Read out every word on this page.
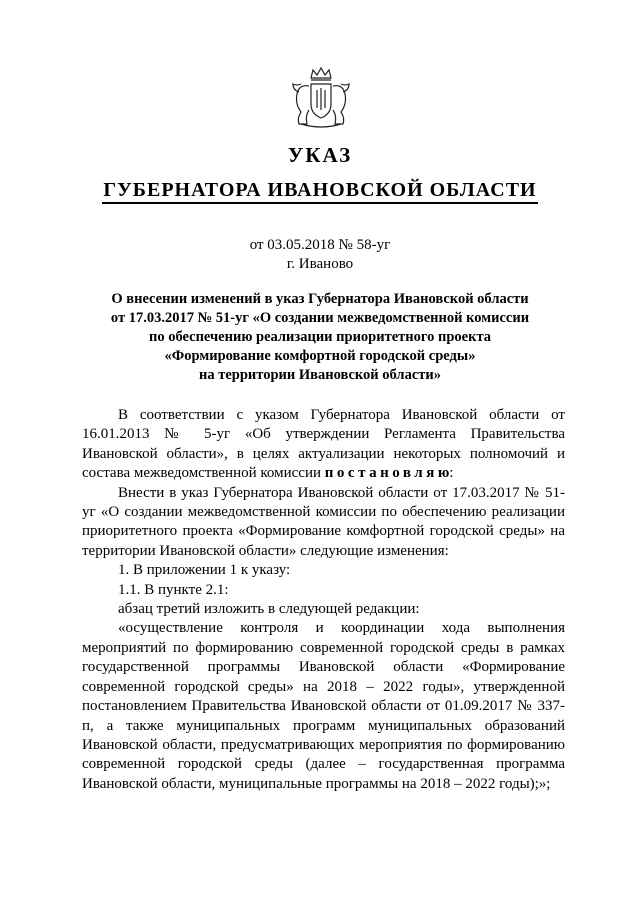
УКАЗ
ГУБЕРНАТОРА ИВАНОВСКОЙ ОБЛАСТИ
от 03.05.2018 № 58-уг
г. Иваново
О внесении изменений в указ Губернатора Ивановской области
от 17.03.2017 № 51-уг «О создании межведомственной комиссии
по обеспечению реализации приоритетного проекта
«Формирование комфортной городской среды»
на территории Ивановской области»

В соответствии с указом Губернатора Ивановской области от 16.01.2013 № 5-уг «Об утверждении Регламента Правительства Ивановской области», в целях актуализации некоторых полномочий и состава межведомственной комиссии постановляю:

Внести в указ Губернатора Ивановской области от 17.03.2017 № 51-уг «О создании межведомственной комиссии по обеспечению реализации приоритетного проекта «Формирование комфортной городской среды» на территории Ивановской области» следующие изменения:

1. В приложении 1 к указу:

1.1. В пункте 2.1:

абзац третий изложить в следующей редакции:

«осуществление контроля и координации хода выполнения мероприятий по формированию современной городской среды в рамках государственной программы Ивановской области «Формирование современной городской среды» на 2018 – 2022 годы», утвержденной постановлением Правительства Ивановской области от 01.09.2017 № 337-п, а также муниципальных программ муниципальных образований Ивановской области, предусматривающих мероприятия по формированию современной городской среды (далее – государственная программа Ивановской области, муниципальные программы на 2018 – 2022 годы);»;
